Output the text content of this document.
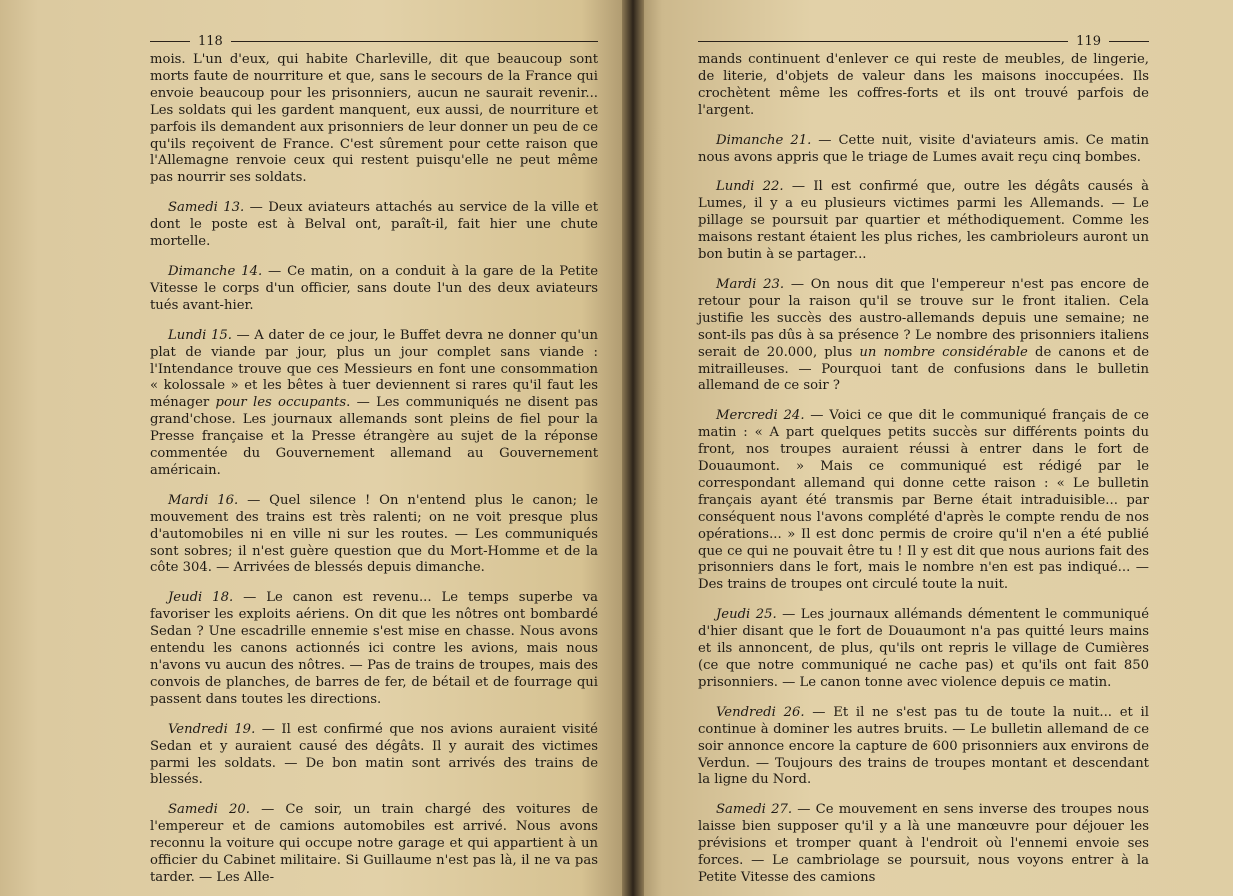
118

mois. L'un d'eux, qui habite Charleville, dit que beaucoup sont morts faute de nourriture et que, sans le secours de la France qui envoie beaucoup pour les prisonniers, aucun ne saurait revenir... Les soldats qui les gardent manquent, eux aussi, de nourriture et parfois ils demandent aux prisonniers de leur donner un peu de ce qu'ils reçoivent de France. C'est sûrement pour cette raison que l'Allemagne renvoie ceux qui restent puisqu'elle ne peut même pas nourrir ses soldats.

Samedi 13. — Deux aviateurs attachés au service de la ville et dont le poste est à Belval ont, paraît-il, fait hier une chute mortelle.

Dimanche 14. — Ce matin, on a conduit à la gare de la Petite Vitesse le corps d'un officier, sans doute l'un des deux aviateurs tués avant-hier.

Lundi 15. — A dater de ce jour, le Buffet devra ne donner qu'un plat de viande par jour, plus un jour complet sans viande : l'Intendance trouve que ces Messieurs en font une consommation « kolossale » et les bêtes à tuer deviennent si rares qu'il faut les ménager pour les occupants. — Les communiqués ne disent pas grand'chose. Les journaux allemands sont pleins de fiel pour la Presse française et la Presse étrangère au sujet de la réponse commentée du Gouvernement allemand au Gouvernement américain.

Mardi 16. — Quel silence ! On n'entend plus le canon; le mouvement des trains est très ralenti; on ne voit presque plus d'automobiles ni en ville ni sur les routes. — Les communiqués sont sobres; il n'est guère question que du Mort-Homme et de la côte 304. — Arrivées de blessés depuis dimanche.

Jeudi 18. — Le canon est revenu... Le temps superbe va favoriser les exploits aériens. On dit que les nôtres ont bombardé Sedan ? Une escadrille ennemie s'est mise en chasse. Nous avons entendu les canons actionnés ici contre les avions, mais nous n'avons vu aucun des nôtres. — Pas de trains de troupes, mais des convois de planches, de barres de fer, de bétail et de fourrage qui passent dans toutes les directions.

Vendredi 19. — Il est confirmé que nos avions auraient visité Sedan et y auraient causé des dégâts. Il y aurait des victimes parmi les soldats. — De bon matin sont arrivés des trains de blessés.

Samedi 20. — Ce soir, un train chargé des voitures de l'empereur et de camions automobiles est arrivé. Nous avons reconnu la voiture qui occupe notre garage et qui appartient à un officier du Cabinet militaire. Si Guillaume n'est pas là, il ne va pas tarder. — Les Alle-

119

mands continuent d'enlever ce qui reste de meubles, de lingerie, de literie, d'objets de valeur dans les maisons inoccupées. Ils crochètent même les coffres-forts et ils ont trouvé parfois de l'argent.

Dimanche 21. — Cette nuit, visite d'aviateurs amis. Ce matin nous avons appris que le triage de Lumes avait reçu cinq bombes.

Lundi 22. — Il est confirmé que, outre les dégâts causés à Lumes, il y a eu plusieurs victimes parmi les Allemands. — Le pillage se poursuit par quartier et méthodiquement. Comme les maisons restant étaient les plus riches, les cambrioleurs auront un bon butin à se partager...

Mardi 23. — On nous dit que l'empereur n'est pas encore de retour pour la raison qu'il se trouve sur le front italien. Cela justifie les succès des austro-allemands depuis une semaine; ne sont-ils pas dûs à sa présence ? Le nombre des prisonniers italiens serait de 20.000, plus un nombre considérable de canons et de mitrailleuses. — Pourquoi tant de confusions dans le bulletin allemand de ce soir ?

Mercredi 24. — Voici ce que dit le communiqué français de ce matin : « A part quelques petits succès sur différents points du front, nos troupes auraient réussi à entrer dans le fort de Douaumont. » Mais ce communiqué est rédigé par le correspondant allemand qui donne cette raison : « Le bulletin français ayant été transmis par Berne était intraduisible... par conséquent nous l'avons complété d'après le compte rendu de nos opérations... » Il est donc permis de croire qu'il n'en a été publié que ce qui ne pouvait être tu ! Il y est dit que nous aurions fait des prisonniers dans le fort, mais le nombre n'en est pas indiqué... — Des trains de troupes ont circulé toute la nuit.

Jeudi 25. — Les journaux allémands démentent le communiqué d'hier disant que le fort de Douaumont n'a pas quitté leurs mains et ils annoncent, de plus, qu'ils ont repris le village de Cumières (ce que notre communiqué ne cache pas) et qu'ils ont fait 850 prisonniers. — Le canon tonne avec violence depuis ce matin.

Vendredi 26. — Et il ne s'est pas tu de toute la nuit... et il continue à dominer les autres bruits. — Le bulletin allemand de ce soir annonce encore la capture de 600 prisonniers aux environs de Verdun. — Toujours des trains de troupes montant et descendant la ligne du Nord.

Samedi 27. — Ce mouvement en sens inverse des troupes nous laisse bien supposer qu'il y a là une manœuvre pour déjouer les prévisions et tromper quant à l'endroit où l'ennemi envoie ses forces. — Le cambriolage se poursuit, nous voyons entrer à la Petite Vitesse des camions
